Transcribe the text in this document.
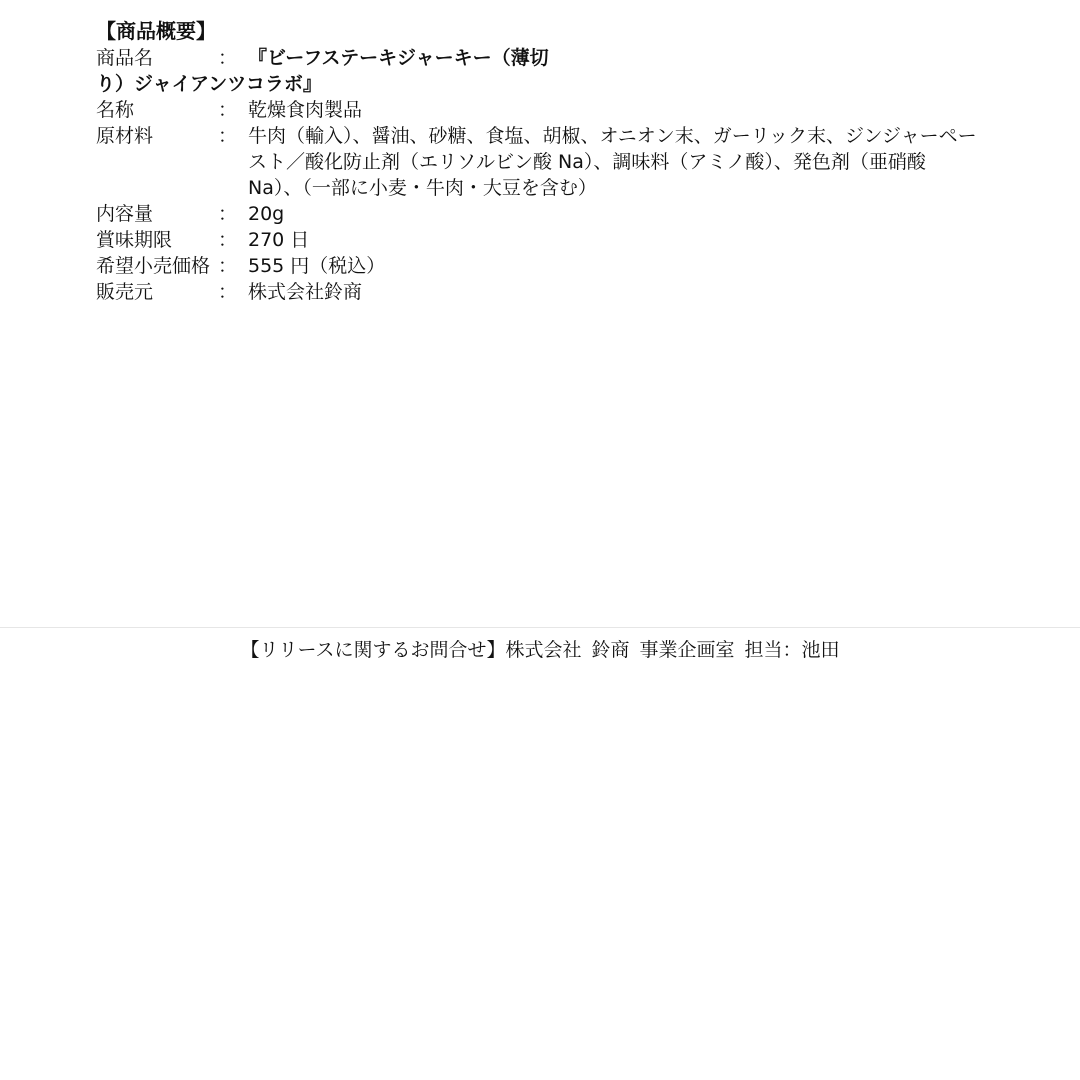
【商品概要】
商品名	： 『ビーフステーキジャーキー（薄切
り）ジャイアンツコラボ』
名称	： 乾燥食肉製品
原材料	： 牛肉（輸入）、醤油、砂糖、食塩、胡椒、オニオン末、ガーリック末、ジンジャーペースト／酸化防止剤（エリソルビン酸 Na）、調味料（アミノ酸）、発色剤（亜硝酸 Na）、（一部に小麦・牛肉・大豆を含む）
内容量	： 20g
賞味期限	： 270 日
希望小売価格 ： 555 円（税込）
販売元	： 株式会社鈴商
【リリースに関するお問合せ】株式会社 鈴商 事業企画室 担当：池田
